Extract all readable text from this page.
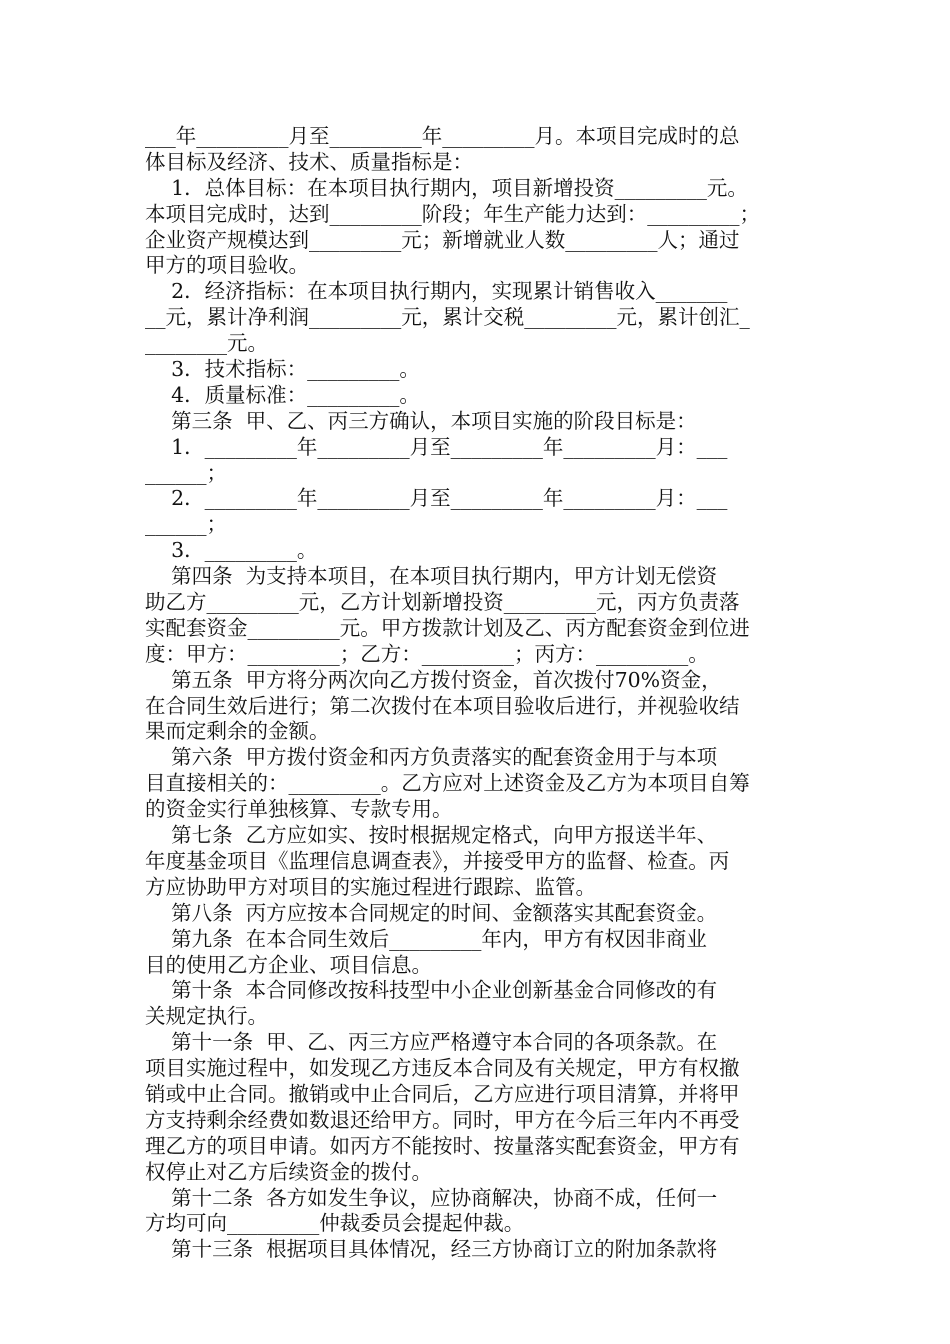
___年_________月至_________年_________月。本项目完成时的总
体目标及经济、技术、质量指标是：
1．总体目标：在本项目执行期内，项目新增投资_________元。
本项目完成时，达到_________阶段；年生产能力达到：_________；
企业资产规模达到_________元；新增就业人数_________人；通过
甲方的项目验收。
2．经济指标：在本项目执行期内，实现累计销售收入_______
__元，累计净利润_________元，累计交税_________元，累计创汇_
________元。
3．技术指标：_________。
4．质量标准：_________。
第三条  甲、乙、丙三方确认，本项目实施的阶段目标是：
1．_________年_________月至_________年_________月：___
______；
2．_________年_________月至_________年_________月：___
______；
3．_________。
第四条  为支持本项目，在本项目执行期内，甲方计划无偿资
助乙方_________元，乙方计划新增投资_________元，丙方负责落
实配套资金_________元。甲方拨款计划及乙、丙方配套资金到位进
度：甲方：_________；乙方：_________；丙方：_________。
第五条  甲方将分两次向乙方拨付资金，首次拨付70%资金，
在合同生效后进行；第二次拨付在本项目验收后进行，并视验收结
果而定剩余的金额。
第六条  甲方拨付资金和丙方负责落实的配套资金用于与本项
目直接相关的：_________。乙方应对上述资金及乙方为本项目自筹
的资金实行单独核算、专款专用。
第七条  乙方应如实、按时根据规定格式，向甲方报送半年、
年度基金项目《监理信息调查表》，并接受甲方的监督、检查。丙
方应协助甲方对项目的实施过程进行跟踪、监管。
第八条  丙方应按本合同规定的时间、金额落实其配套资金。
第九条  在本合同生效后_________年内，甲方有权因非商业
目的使用乙方企业、项目信息。
第十条  本合同修改按科技型中小企业创新基金合同修改的有
关规定执行。
第十一条  甲、乙、丙三方应严格遵守本合同的各项条款。在
项目实施过程中，如发现乙方违反本合同及有关规定，甲方有权撤
销或中止合同。撤销或中止合同后，乙方应进行项目清算，并将甲
方支持剩余经费如数退还给甲方。同时，甲方在今后三年内不再受
理乙方的项目申请。如丙方不能按时、按量落实配套资金，甲方有
权停止对乙方后续资金的拨付。
第十二条  各方如发生争议，应协商解决，协商不成，任何一
方均可向_________仲裁委员会提起仲裁。
第十三条  根据项目具体情况，经三方协商订立的附加条款将
